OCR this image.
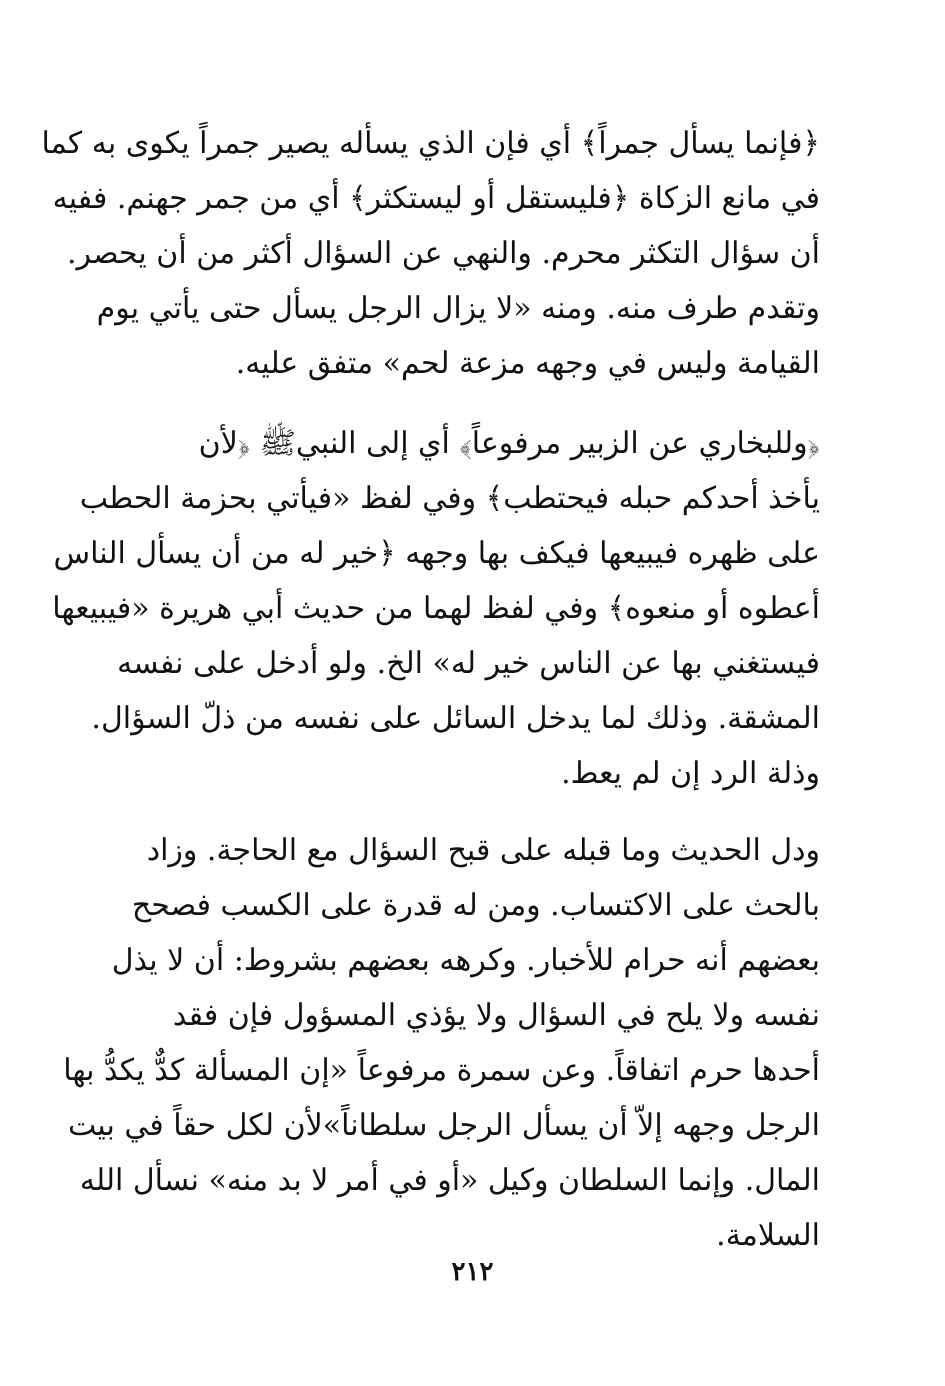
﴿فإنما يسأل جمراً﴾ أي فإن الذي يسأله يصير جمراً يكوى به كما
في مانع الزكاة ﴿فليستقل أو ليستكثر﴾ أي من جمر جهنم. ففيه
أن سؤال التكثر محرم. والنهي عن السؤال أكثر من أن يحصر.
وتقدم طرف منه. ومنه «لا يزال الرجل يسأل حتى يأتي يوم
القيامة وليس في وجهه مزعة لحم» متفق عليه.
﴿وللبخاري عن الزبير مرفوعاً﴾ أي إلى النبيﷺ ﴿لأن
يأخذ أحدكم حبله فيحتطب﴾ وفي لفظ «فيأتي بحزمة الحطب
على ظهره فيبيعها فيكف بها وجهه ﴿خير له من أن يسأل الناس
أعطوه أو منعوه﴾ وفي لفظ لهما من حديث أبي هريرة «فيبيعها
فيستغني بها عن الناس خير له» الخ. ولو أدخل على نفسه
المشقة. وذلك لما يدخل السائل على نفسه من ذلّ السؤال.
وذلة الرد إن لم يعط.
ودل الحديث وما قبله على قبح السؤال مع الحاجة. وزاد
بالحث على الاكتساب. ومن له قدرة على الكسب فصحح
بعضهم أنه حرام للأخبار. وكرهه بعضهم بشروط: أن لا يذل
نفسه ولا يلح في السؤال ولا يؤذي المسؤول فإن فقد
أحدها حرم اتفاقاً. وعن سمرة مرفوعاً «إن المسألة كدٌّ يكدُّ بها
الرجل وجهه إلاّ أن يسأل الرجل سلطاناً»لأن لكل حقاً في بيت
المال. وإنما السلطان وكيل «أو في أمر لا بد منه» نسأل الله
السلامة.
٢١٢
